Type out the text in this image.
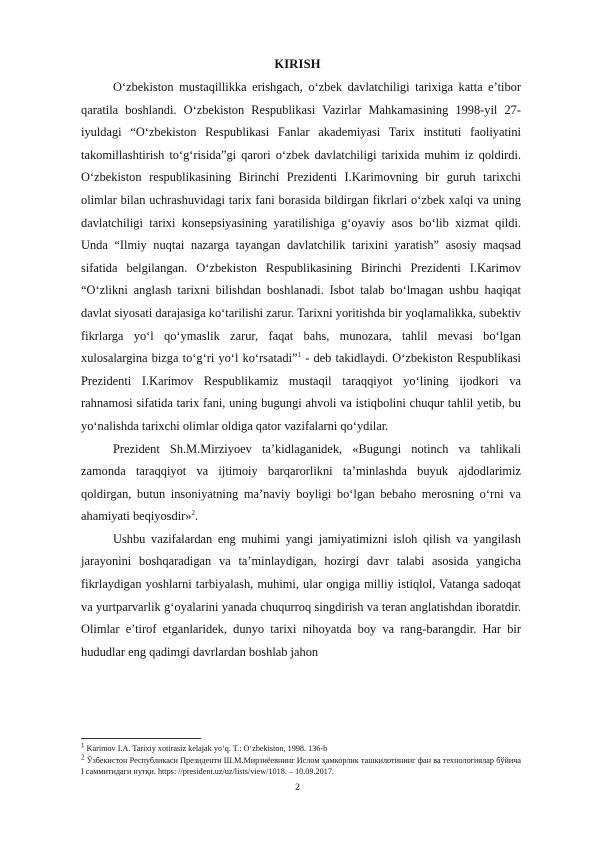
KIRISH

O‘zbekiston mustaqillikka erishgach, o‘zbek davlatchiligi tarixiga katta e’tibor qaratila boshlandi. O‘zbekiston Respublikasi Vazirlar Mahkamasining 1998-yil 27-iyuldagi “O‘zbekiston Respublikasi Fanlar akademiyasi Tarix instituti faoliyatini takomillashtirish to‘g‘risida”gi qarori o‘zbek davlatchiligi tarixida muhim iz qoldirdi. O‘zbekiston respublikasining Birinchi Prezidenti I.Karimovning bir guruh tarixchi olimlar bilan uchrashuvidagi tarix fani borasida bildirgan fikrlari o‘zbek xalqi va uning davlatchiligi tarixi konsepsiyasining yaratilishiga g‘oyaviy asos bo‘lib xizmat qildi. Unda “Ilmiy nuqtai nazarga tayangan davlatchilik tarixini yaratish” asosiy maqsad sifatida belgilangan. O‘zbekiston Respublikasining Birinchi Prezidenti I.Karimov “O‘zlikni anglash tarixni bilishdan boshlanadi. Isbot talab bo‘lmagan ushbu haqiqat davlat siyosati darajasiga ko‘tarilishi zarur. Tarixni yoritishda bir yoqlamalikka, subektiv fikrlarga yo‘l qo‘ymaslik zarur, faqat bahs, munozara, tahlil mevasi bo‘lgan xulosalargina bizga to‘g‘ri yo‘l ko‘rsatadi”$^1$ - deb takidlaydi. O‘zbekiston Respublikasi Prezidenti I.Karimov Respublikamiz mustaqil taraqqiyot yo‘lining ijodkori va rahnamosi sifatida tarix fani, uning bugungi ahvoli va istiqbolini chuqur tahlil yetib, bu yo‘nalishda tarixchi olimlar oldiga qator vazifalarni qo‘ydilar.

Prezident Sh.M.Mirziyoev ta’kidlaganidek, «Bugungi notinch va tahlikali zamonda taraqqiyot va ijtimoiy barqarorlikni ta’minlashda buyuk ajdodlarimiz qoldirgan, butun insoniyatning ma’naviy boyligi bo‘lgan bebaho merosning o‘rni va ahamiyati beqiyosdir»$^2$.

Ushbu vazifalardan eng muhimi yangi jamiyatimizni isloh qilish va yangilash jarayonini boshqaradigan va ta’minlaydigan, hozirgi davr talabi asosida yangicha fikrlaydigan yoshlarni tarbiyalash, muhimi, ular ongiga milliy istiqlol, Vatanga sadoqat va yurtparvarlik g‘oyalarini yanada chuqurroq singdirish va teran anglatishdan iboratdir. Olimlar e’tirof etganlaridek, dunyo tarixi nihoyatda boy va rang-barangdir. Har bir hududlar eng qadimgi davrlardan boshlab jahon

$^1$ Karimov I.A. Tarixiy xotirasiz kelajak yo‘q. T.: O‘zbekiston, 1998. 136-b
$^2$ Ўзбекистон Республикаси Президенти Ш.М.Мирзиёевнинг Ислом ҳамкорлик ташкилотининг фан ва технологиялар бўйича I саммитидаги нутқи. https: //president.uz/uz/lists/view/1018. – 10.09.2017.
2
